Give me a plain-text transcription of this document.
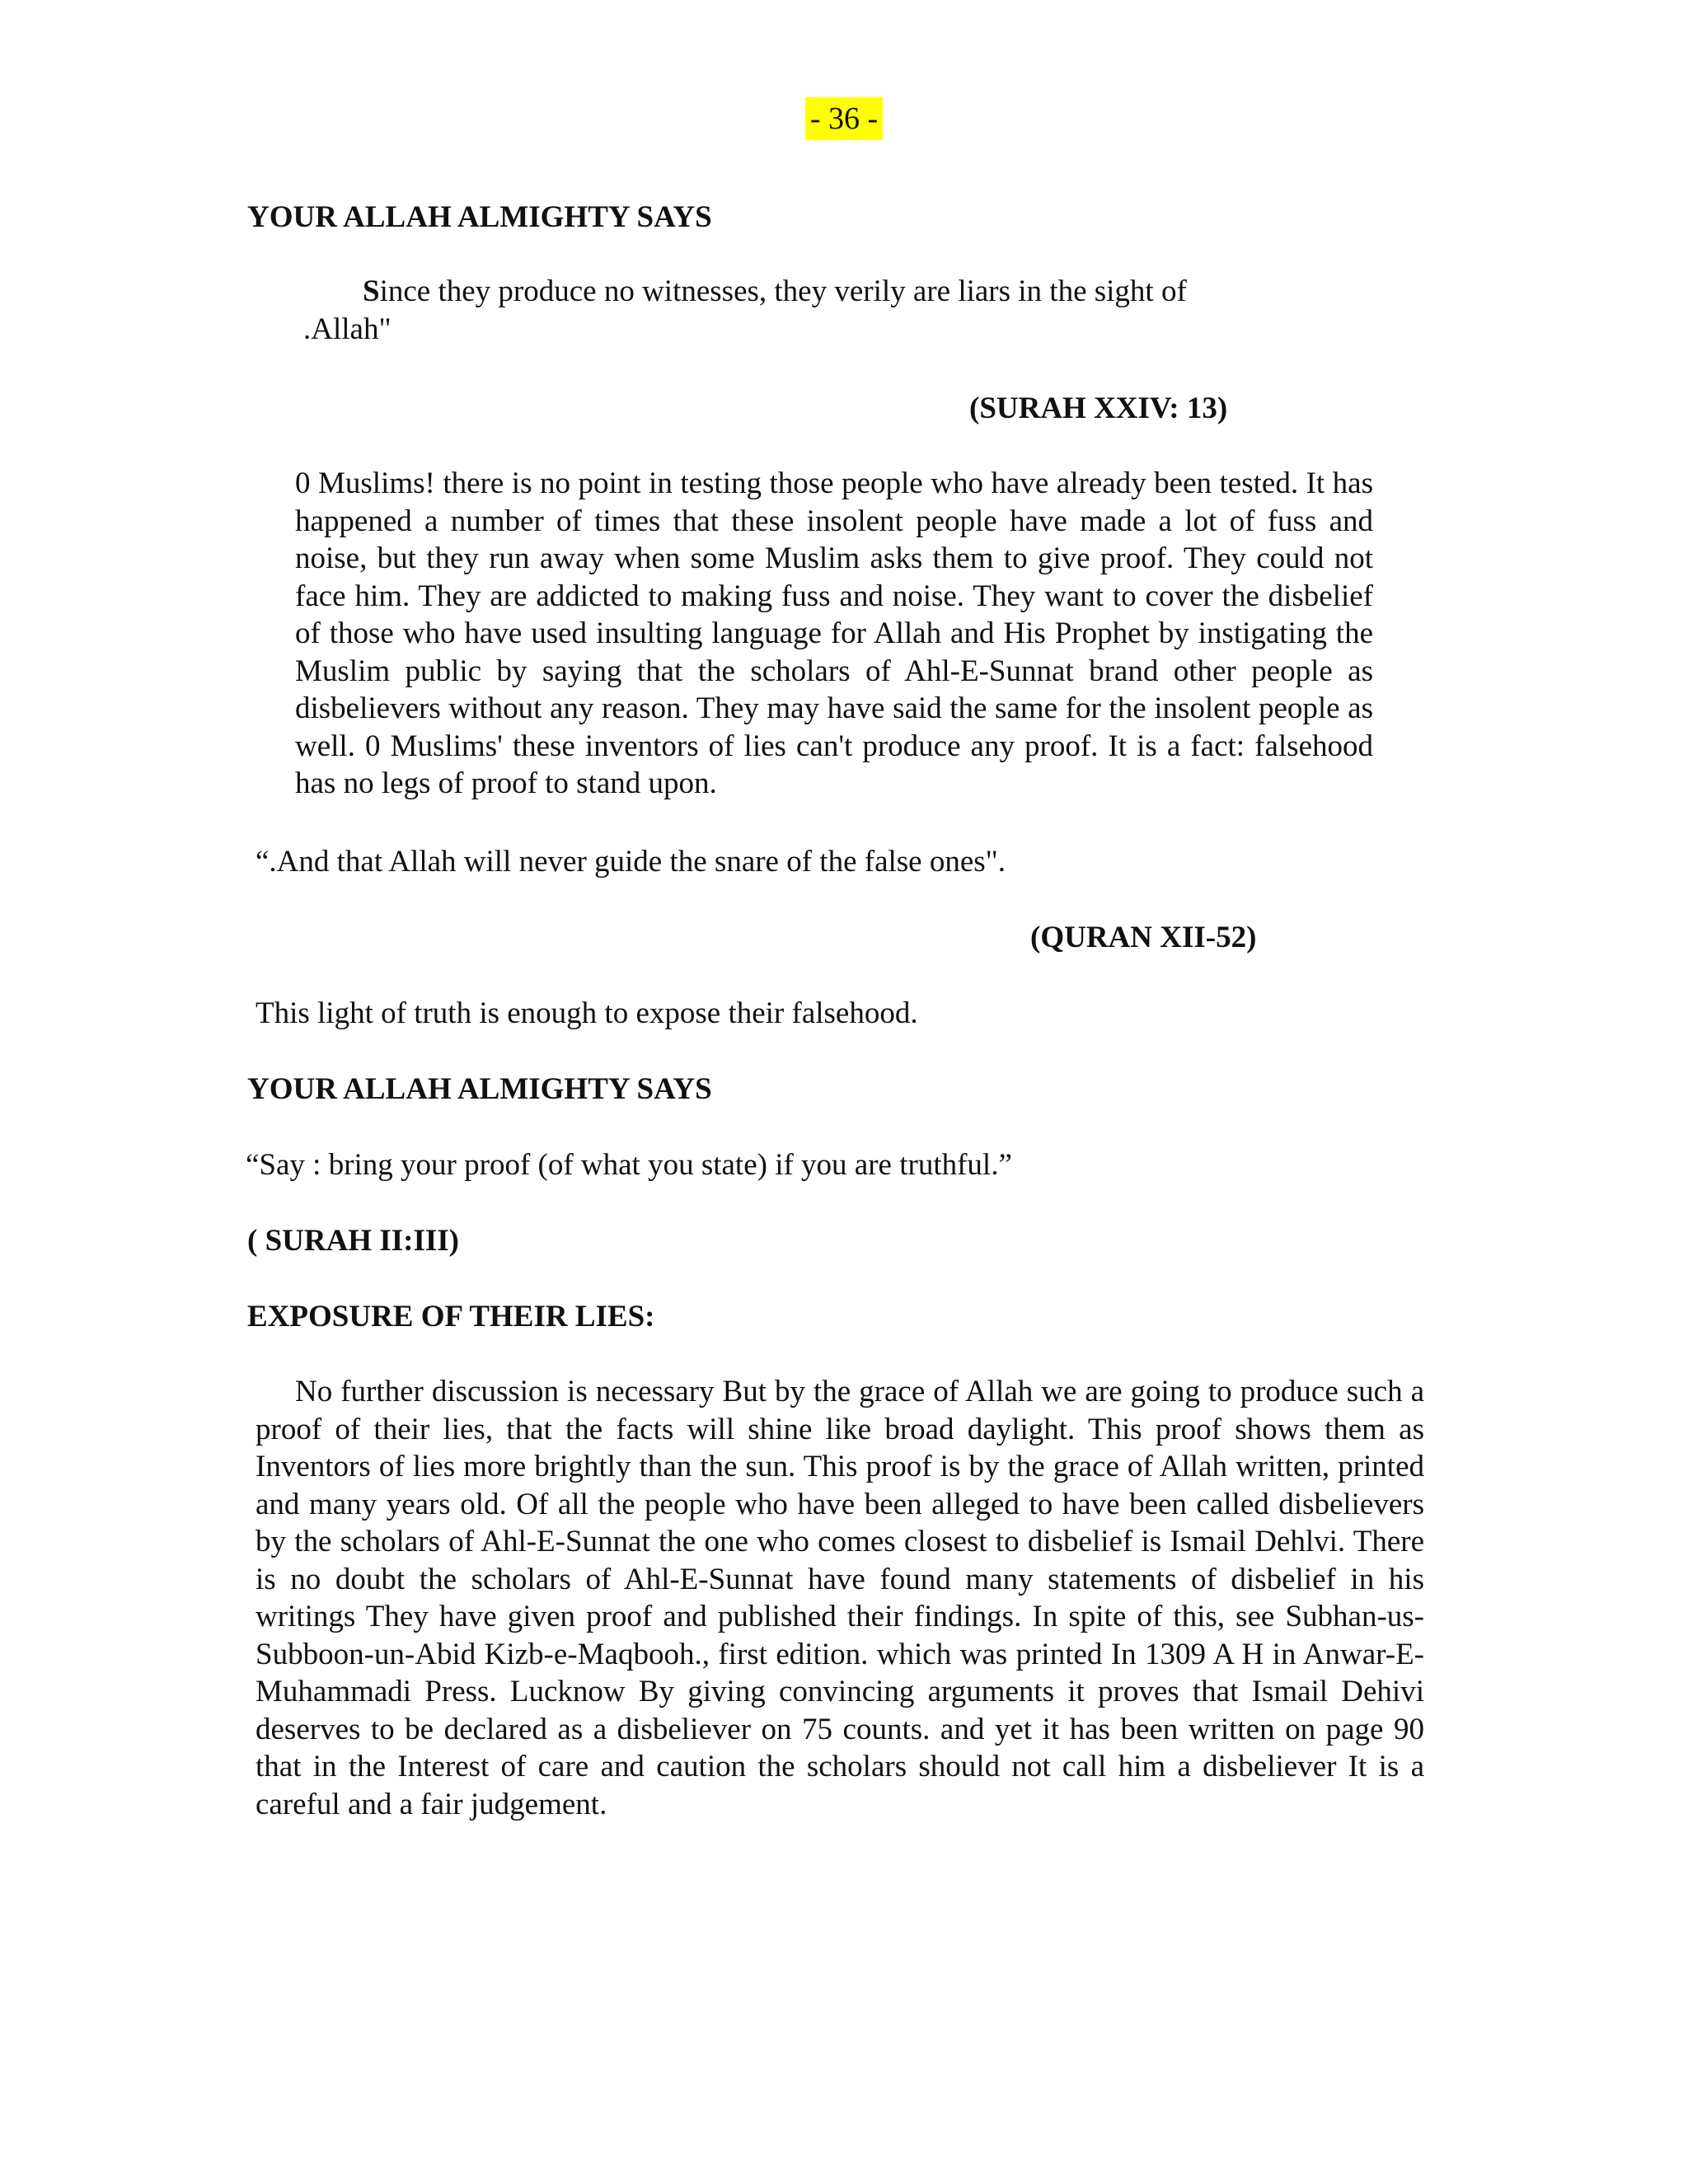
- 36 -
YOUR ALLAH ALMIGHTY SAYS
Since they produce no witnesses, they verily are liars in the sight of
.Allah"
(SURAH XXIV: 13)

0 Muslims! there is no point in testing those people who have already been tested. It has happened a number of times that these insolent people have made a lot of fuss and noise, but they run away when some Muslim asks them to give proof. They could not face him. They are addicted to making fuss and noise. They want to cover the disbelief of those who have used insulting language for Allah and His Prophet by instigating the Muslim public by saying that the scholars of Ahl-E-Sunnat brand other people as disbelievers without any reason. They may have said the same for the insolent people as well. 0 Muslims' these inventors of lies can't produce any proof. It is a fact: falsehood has no legs of proof to stand upon.

“.And that Allah will never guide the snare of the false ones".
(QURAN XII-52)
This light of truth is enough to expose their falsehood.
YOUR ALLAH ALMIGHTY SAYS
“Say : bring your proof (of what you state) if you are truthful.”
( SURAH II:III)
EXPOSURE OF THEIR LIES:

No further discussion is necessary But by the grace of Allah we are going to produce such a proof of their lies, that the facts will shine like broad daylight. This proof shows them as Inventors of lies more brightly than the sun. This proof is by the grace of Allah written, printed and many years old. Of all the people who have been alleged to have been called disbelievers by the scholars of Ahl-E-Sunnat the one who comes closest to disbelief is Ismail Dehlvi. There is no doubt the scholars of Ahl-E-Sunnat have found many statements of disbelief in his writings They have given proof and published their findings. In spite of this, see Subhan-us- Subboon-un-Abid Kizb-e-Maqbooh., first edition. which was printed In 1309 A H in Anwar-E-Muhammadi Press. Lucknow By giving convincing arguments it proves that Ismail Dehivi deserves to be declared as a disbeliever on 75 counts. and yet it has been written on page 90 that in the Interest of care and caution the scholars should not call him a disbeliever It is a careful and a fair judgement.
